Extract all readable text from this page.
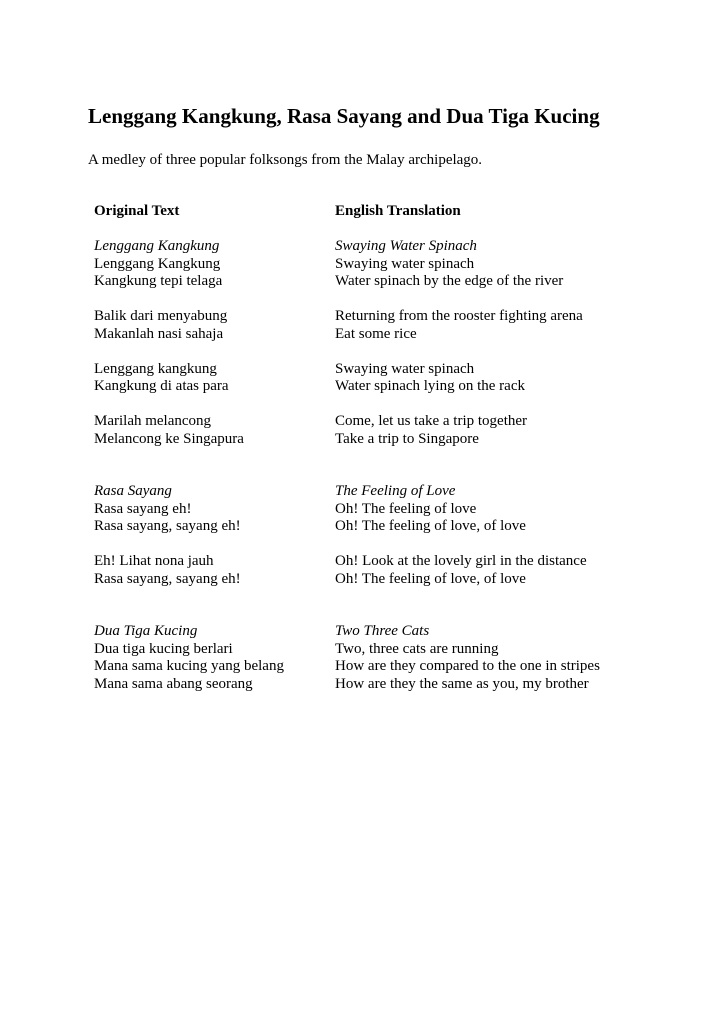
Lenggang Kangkung, Rasa Sayang and Dua Tiga Kucing

A medley of three popular folksongs from the Malay archipelago.

Original Text
Lenggang Kangkung
Lenggang Kangkung
Kangkung tepi telaga
Balik dari menyabung
Makanlah nasi sahaja
Lenggang kangkung
Kangkung di atas para
Marilah melancong
Melancong ke Singapura
Rasa Sayang
Rasa sayang eh!
Rasa sayang, sayang eh!
Eh! Lihat nona jauh
Rasa sayang, sayang eh!
Dua Tiga Kucing
Dua tiga kucing berlari
Mana sama kucing yang belang
Mana sama abang seorang
English Translation
Swaying Water Spinach
Swaying water spinach
Water spinach by the edge of the river
Returning from the rooster fighting arena
Eat some rice
Swaying water spinach
Water spinach lying on the rack
Come, let us take a trip together
Take a trip to Singapore
The Feeling of Love
Oh! The feeling of love
Oh! The feeling of love, of love
Oh! Look at the lovely girl in the distance
Oh! The feeling of love, of love
Two Three Cats
Two, three cats are running
How are they compared to the one in stripes
How are they the same as you, my brother
